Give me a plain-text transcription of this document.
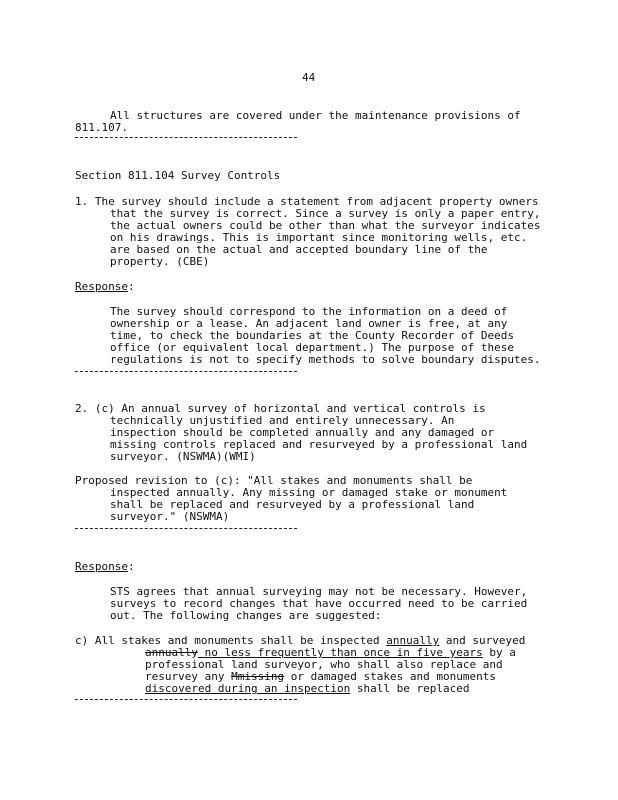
44
All structures are covered under the maintenance provisions of
811.107.
Section 811.104 Survey Controls
1. The survey should include a statement from adjacent property owners
that the survey is correct. Since a survey is only a paper entry,
the actual owners could be other than what the surveyor indicates
on his drawings. This is important since monitoring wells, etc.
are based on the actual and accepted boundary line of the
property. (CBE)
Response:
The survey should correspond to the information on a deed of
ownership or a lease. An adjacent land owner is free, at any
time, to check the boundaries at the County Recorder of Deeds
office (or equivalent local department.) The purpose of these
regulations is not to specify methods to solve boundary disputes.
2. (c) An annual survey of horizontal and vertical controls is
technically unjustified and entirely unnecessary. An
inspection should be completed annually and any damaged or
missing controls replaced and resurveyed by a professional land
surveyor. (NSWMA)(WMI)
Proposed revision to (c): "All stakes and monuments shall be
inspected annually. Any missing or damaged stake or monument
shall be replaced and resurveyed by a professional land
surveyor." (NSWMA)
Response:
STS agrees that annual surveying may not be necessary. However,
surveys to record changes that have occurred need to be carried
out. The following changes are suggested:
c) All stakes and monuments shall be inspected annually and surveyed
annually no less frequently than once in five years by a
professional land surveyor, who shall also replace and
resurvey any Mmissing or damaged stakes and monuments
discovered during an inspection shall be replaced
